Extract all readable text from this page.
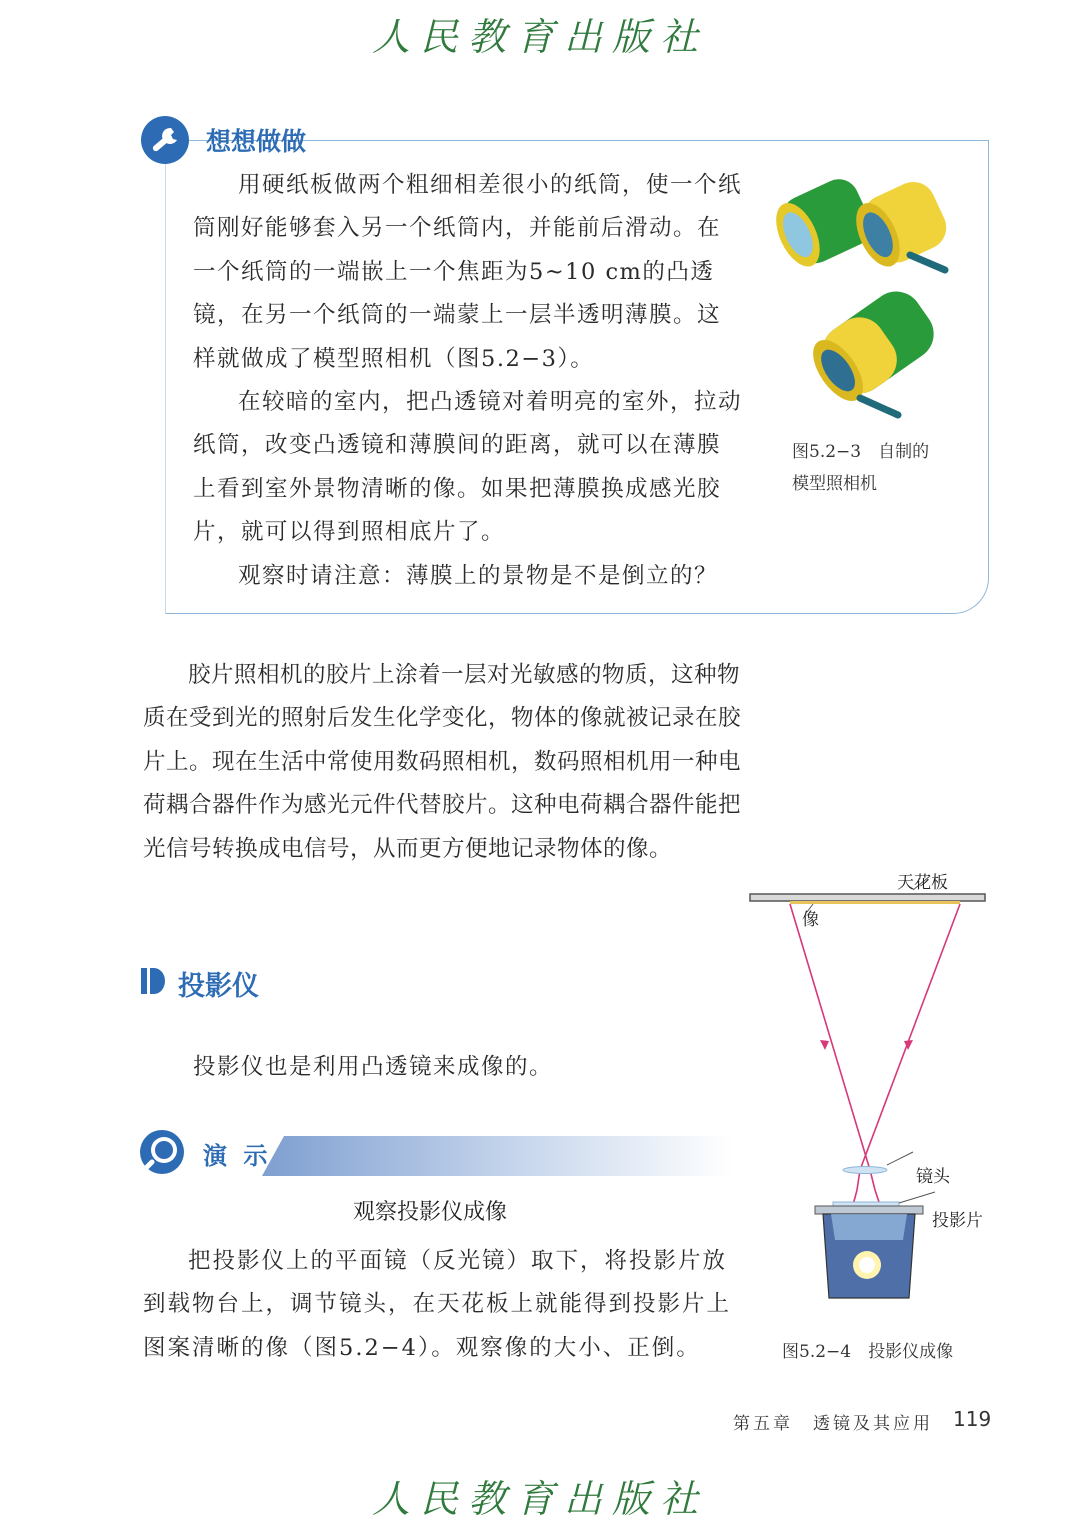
人民教育出版社
想想做做

用硬纸板做两个粗细相差很小的纸筒，使一个纸筒刚好能够套入另一个纸筒内，并能前后滑动。在一个纸筒的一端嵌上一个焦距为5~10 cm的凸透镜，在另一个纸筒的一端蒙上一层半透明薄膜。这样就做成了模型照相机（图5.2−3）。

在较暗的室内，把凸透镜对着明亮的室外，拉动纸筒，改变凸透镜和薄膜间的距离，就可以在薄膜上看到室外景物清晰的像。如果把薄膜换成感光胶片，就可以得到照相底片了。

观察时请注意：薄膜上的景物是不是倒立的？

图5.2−3　自制的
模型照相机
胶片照相机的胶片上涂着一层对光敏感的物质，这种物质在受到光的照射后发生化学变化，物体的像就被记录在胶片上。现在生活中常使用数码照相机，数码照相机用一种电荷耦合器件作为感光元件代替胶片。这种电荷耦合器件能把光信号转换成电信号，从而更方便地记录物体的像。
投影仪
投影仪也是利用凸透镜来成像的。
演 示
观察投影仪成像
把投影仪上的平面镜（反光镜）取下，将投影片放到载物台上，调节镜头，在天花板上就能得到投影片上图案清晰的像（图5.2−4）。观察像的大小、正倒。
天花板
像
镜头
投影片
图5.2−4　投影仪成像
第五章　透镜及其应用 119
人民教育出版社
